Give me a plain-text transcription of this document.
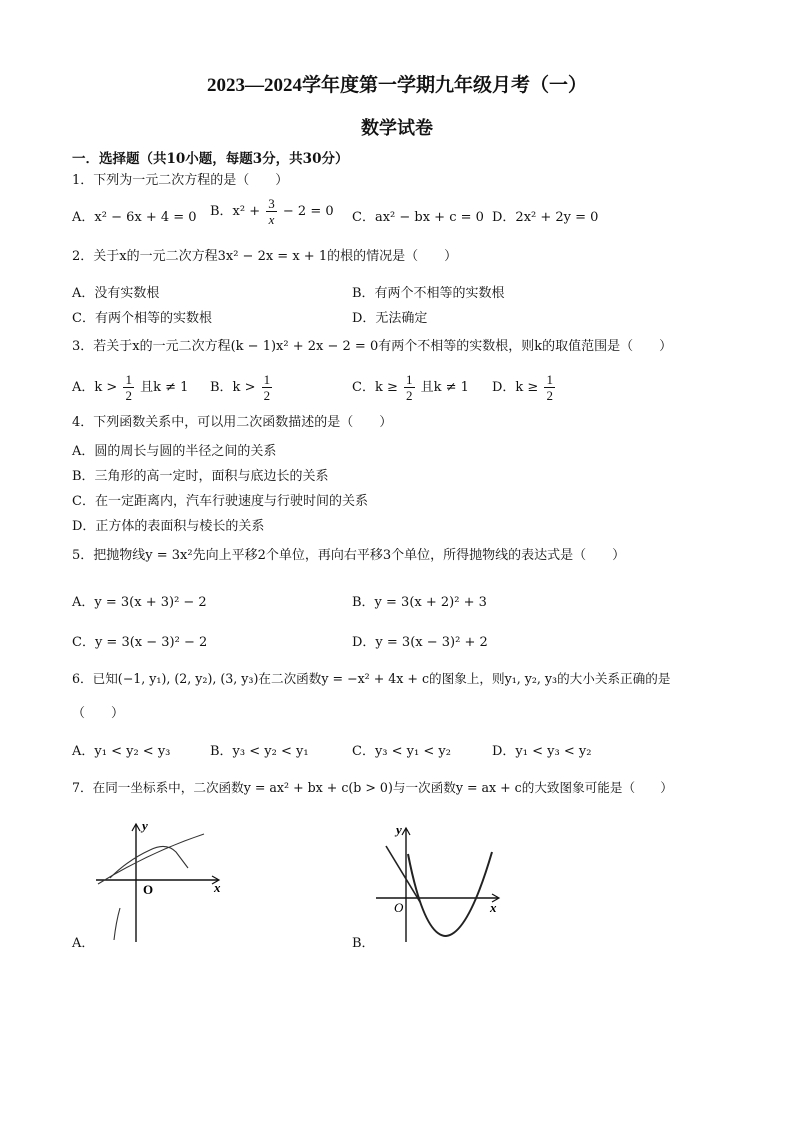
2023—2024学年度第一学期九年级月考（一）
数学试卷
一．选择题（共10小题，每题3分，共30分）
1．下列为一元二次方程的是（　　）
A．x² − 6x + 4 = 0 B．$x^2 + \frac{3}{x} - 2 = 0$ C．ax² − bx + c = 0 D．2x² + 2y = 0
2．关于x的一元二次方程3x² − 2x = x + 1的根的情况是（　　）
A．没有实数根	B．有两个不相等的实数根
C．有两个相等的实数根	D．无法确定
3．若关于x的一元二次方程(k − 1)x² + 2x − 2 = 0有两个不相等的实数根，则k的取值范围是（　　）
A．$k > \frac{1}{2}$ 且k ≠ 1 B．$k > \frac{1}{2}$	C．$k \ge \frac{1}{2}$ 且k ≠ 1 D．$k \ge \frac{1}{2}$
4．下列函数关系中，可以用二次函数描述的是（　　）
A．圆的周长与圆的半径之间的关系
B．三角形的高一定时，面积与底边长的关系
C．在一定距离内，汽车行驶速度与行驶时间的关系
D．正方体的表面积与棱长的关系
5．把抛物线y = 3x²先向上平移2个单位，再向右平移3个单位，所得抛物线的表达式是（　　）
A．y = 3(x + 3)² − 2	B．y = 3(x + 2)² + 3
C．y = 3(x − 3)² − 2	D．y = 3(x − 3)² + 2
6．已知(−1, y₁), (2, y₂), (3, y₃)在二次函数y = −x² + 4x + c的图象上，则y₁, y₂, y₃的大小关系正确的是
（　　）
A．y₁ < y₂ < y₃	B．y₃ < y₂ < y₁	C．y₃ < y₁ < y₂	D．y₁ < y₃ < y₂
7．在同一坐标系中，二次函数y = ax² + bx + c(b > 0)与一次函数y = ax + c的大致图象可能是（　　）
O	x
y
A．
O	x
y
B．
